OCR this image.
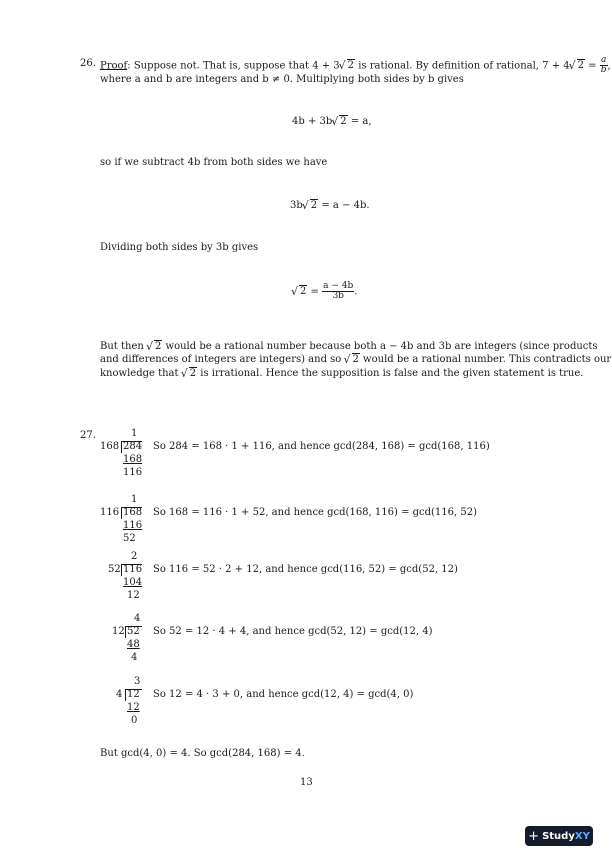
26. Proof: Suppose not. That is, suppose that 4 + 3 √ 2 is rational. By definition of rational, 7 + 4 √ $2 = \frac{a}{b}$ ,
where a and b are integers and b ≠ 0. Multiplying both sides by b gives
4b + 3b √ 2 = a,
so if we subtract 4b from both sides we have
3b √ 2 = a − 4b.
Dividing both sides by 3b gives
√ $2 = \frac{a - 4b}{3b}$ .
But then √ 2 would be a rational number because both a − 4b and 3b are integers (since products
and differences of integers are integers) and so √ 2 would be a rational number. This contradicts our
knowledge that √ 2 is irrational. Hence the supposition is false and the given statement is true.
27.	1
168 284
168
116
So 284 = 168 · 1 + 116, and hence gcd(284, 168) = gcd(168, 116)
1
116 168
116
52
So 168 = 116 · 1 + 52, and hence gcd(168, 116) = gcd(116, 52)
2
52 116
104
12
So 116 = 52 · 2 + 12, and hence gcd(116, 52) = gcd(52, 12)
4
12 52
48
4
So 52 = 12 · 4 + 4, and hence gcd(52, 12) = gcd(12, 4)
3
4 12
12
0
So 12 = 4 · 3 + 0, and hence gcd(12, 4) = gcd(4, 0)
But gcd(4, 0) = 4. So gcd(284, 168) = 4.
13
+ StudyXY
